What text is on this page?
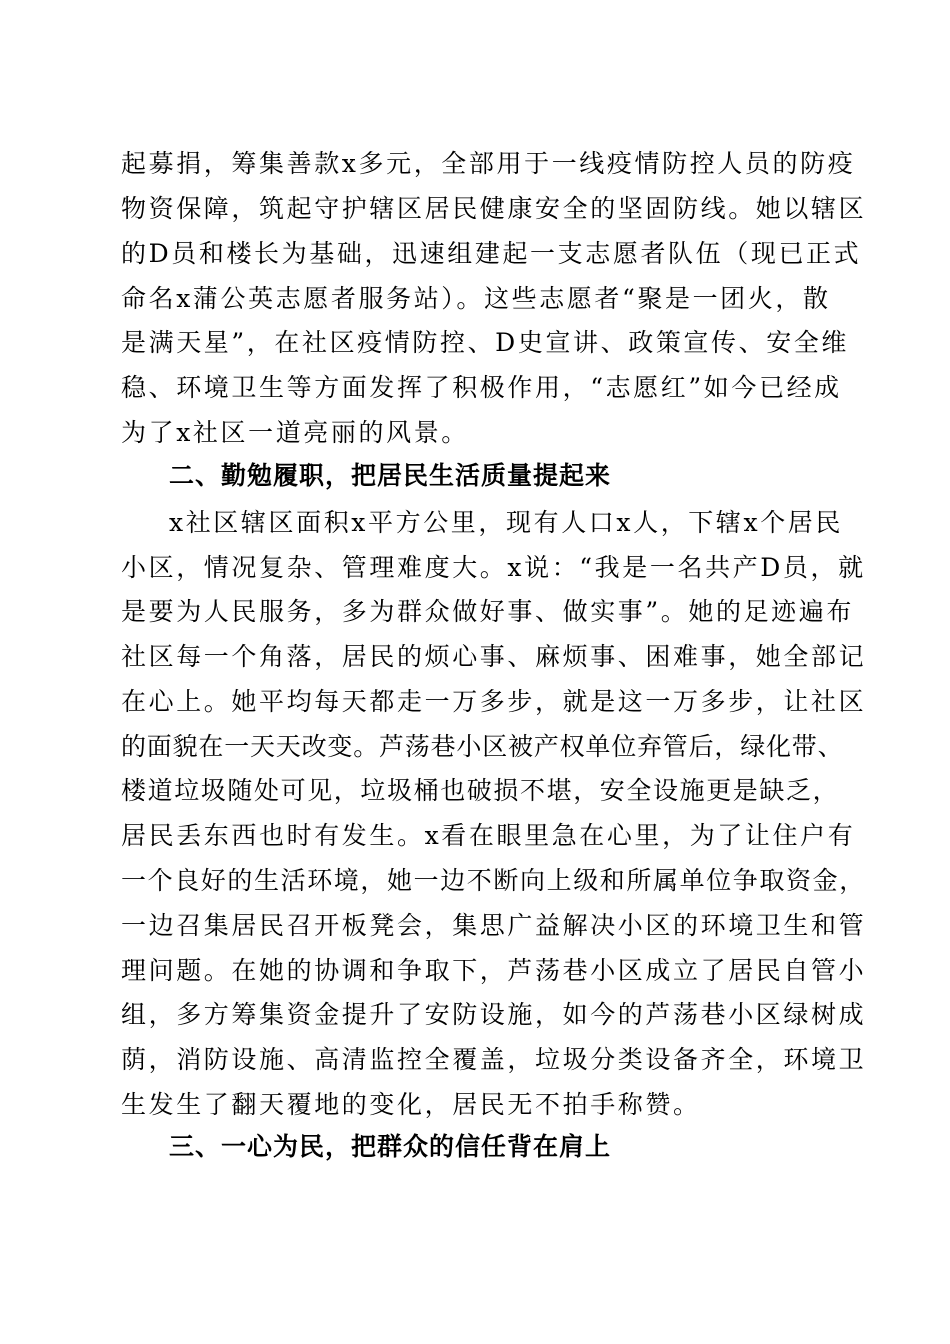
起募捐，筹集善款x多元，全部用于一线疫情防控人员的防疫
物资保障，筑起守护辖区居民健康安全的坚固防线。她以辖区
的D员和楼长为基础，迅速组建起一支志愿者队伍（现已正式
命名x蒲公英志愿者服务站）。这些志愿者“聚是一团火，散
是满天星”，在社区疫情防控、D史宣讲、政策宣传、安全维
稳、环境卫生等方面发挥了积极作用，“志愿红”如今已经成
为了x社区一道亮丽的风景。
二、勤勉履职，把居民生活质量提起来
x社区辖区面积x平方公里，现有人口x人，下辖x个居民
小区，情况复杂、管理难度大。x说：“我是一名共产D员，就
是要为人民服务，多为群众做好事、做实事”。她的足迹遍布
社区每一个角落，居民的烦心事、麻烦事、困难事，她全部记
在心上。她平均每天都走一万多步，就是这一万多步，让社区
的面貌在一天天改变。芦荡巷小区被产权单位弃管后，绿化带、
楼道垃圾随处可见，垃圾桶也破损不堪，安全设施更是缺乏，
居民丢东西也时有发生。x看在眼里急在心里，为了让住户有
一个良好的生活环境，她一边不断向上级和所属单位争取资金，
一边召集居民召开板凳会，集思广益解决小区的环境卫生和管
理问题。在她的协调和争取下，芦荡巷小区成立了居民自管小
组，多方筹集资金提升了安防设施，如今的芦荡巷小区绿树成
荫，消防设施、高清监控全覆盖，垃圾分类设备齐全，环境卫
生发生了翻天覆地的变化，居民无不拍手称赞。
三、一心为民，把群众的信任背在肩上
